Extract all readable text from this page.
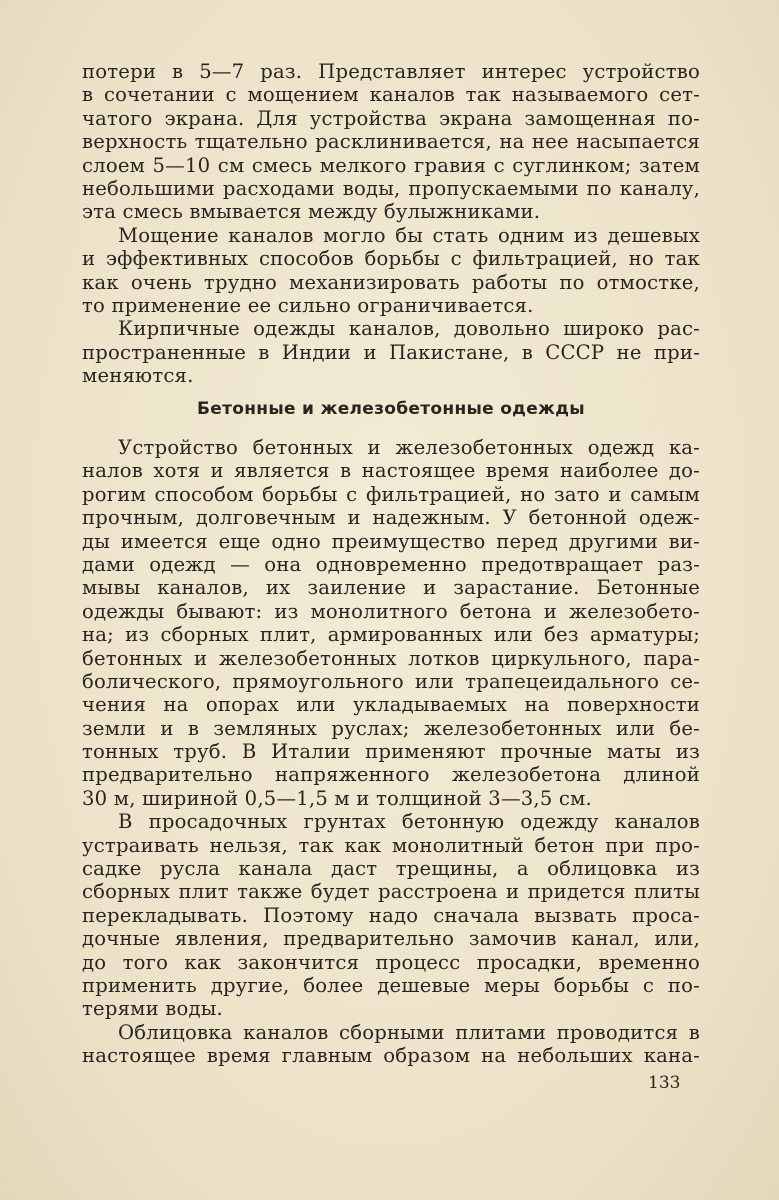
потери в 5—7 раз. Представляет интерес устройство
в сочетании с мощением каналов так называемого сет-
чатого экрана. Для устройства экрана замощенная по-
верхность тщательно расклинивается, на нее насыпается
слоем 5—10 см смесь мелкого гравия с суглинком; затем
небольшими расходами воды, пропускаемыми по каналу,
эта смесь вмывается между булыжниками.
Мощение каналов могло бы стать одним из дешевых
и эффективных способов борьбы с фильтрацией, но так
как очень трудно механизировать работы по отмостке,
то применение ее сильно ограничивается.
Кирпичные одежды каналов, довольно широко рас-
пространенные в Индии и Пакистане, в СССР не при-
меняются.
Бетонные и железобетонные одежды
Устройство бетонных и железобетонных одежд ка-
налов хотя и является в настоящее время наиболее до-
рогим способом борьбы с фильтрацией, но зато и самым
прочным, долговечным и надежным. У бетонной одеж-
ды имеется еще одно преимущество перед другими ви-
дами одежд — она одновременно предотвращает раз-
мывы каналов, их заиление и зарастание. Бетонные
одежды бывают: из монолитного бетона и железобето-
на; из сборных плит, армированных или без арматуры;
бетонных и железобетонных лотков циркульного, пара-
болического, прямоугольного или трапецеидального се-
чения на опорах или укладываемых на поверхности
земли и в земляных руслах; железобетонных или бе-
тонных труб. В Италии применяют прочные маты из
предварительно напряженного железобетона длиной
30 м, шириной 0,5—1,5 м и толщиной 3—3,5 см.
В просадочных грунтах бетонную одежду каналов
устраивать нельзя, так как монолитный бетон при про-
садке русла канала даст трещины, а облицовка из
сборных плит также будет расстроена и придется плиты
перекладывать. Поэтому надо сначала вызвать проса-
дочные явления, предварительно замочив канал, или,
до того как закончится процесс просадки, временно
применить другие, более дешевые меры борьбы с по-
терями воды.
Облицовка каналов сборными плитами проводится в
настоящее время главным образом на небольших кана-
133
